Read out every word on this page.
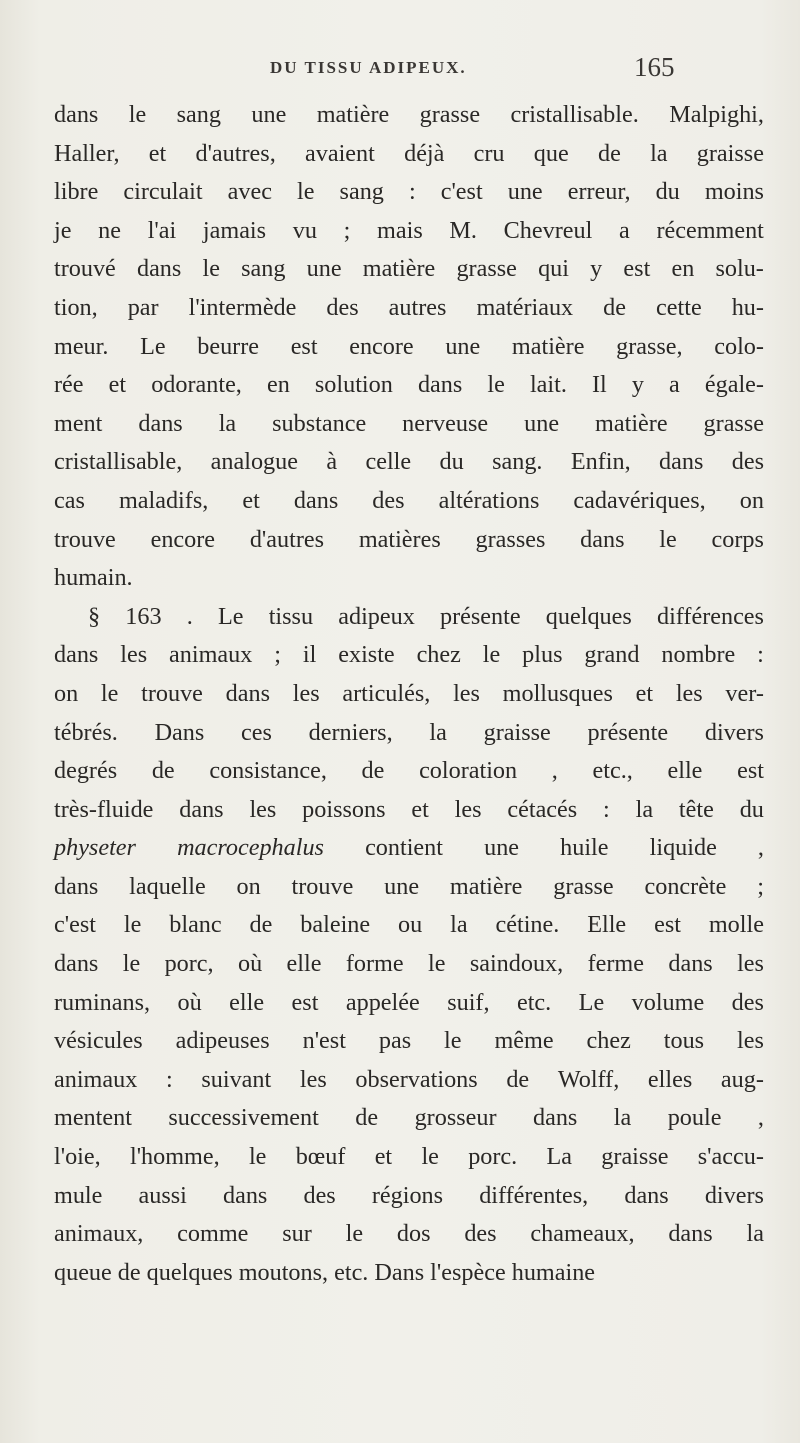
DU TISSU ADIPEUX.	165
dans le sang une matière grasse cristallisable. Malpighi,
Haller, et d'autres, avaient déjà cru que de la graisse
libre circulait avec le sang : c'est une erreur, du moins
je ne l'ai jamais vu ; mais M. Chevreul a récemment
trouvé dans le sang une matière grasse qui y est en solu-
tion, par l'intermède des autres matériaux de cette hu-
meur. Le beurre est encore une matière grasse, colo-
rée et odorante, en solution dans le lait. Il y a égale-
ment dans la substance nerveuse une matière grasse
cristallisable, analogue à celle du sang. Enfin, dans des
cas maladifs, et dans des altérations cadavériques, on
trouve encore d'autres matières grasses dans le corps
humain.
§ 163 . Le tissu adipeux présente quelques différences
dans les animaux ; il existe chez le plus grand nombre :
on le trouve dans les articulés, les mollusques et les ver-
tébrés. Dans ces derniers, la graisse présente divers
degrés de consistance, de coloration , etc., elle est
très-fluide dans les poissons et les cétacés : la tête du
physeter macrocephalus contient une huile liquide ,
dans laquelle on trouve une matière grasse concrète ;
c'est le blanc de baleine ou la cétine. Elle est molle
dans le porc, où elle forme le saindoux, ferme dans les
ruminans, où elle est appelée suif, etc. Le volume des
vésicules adipeuses n'est pas le même chez tous les
animaux : suivant les observations de Wolff, elles aug-
mentent successivement de grosseur dans la poule ,
l'oie, l'homme, le bœuf et le porc. La graisse s'accu-
mule aussi dans des régions différentes, dans divers
animaux, comme sur le dos des chameaux, dans la
queue de quelques moutons, etc. Dans l'espèce humaine
